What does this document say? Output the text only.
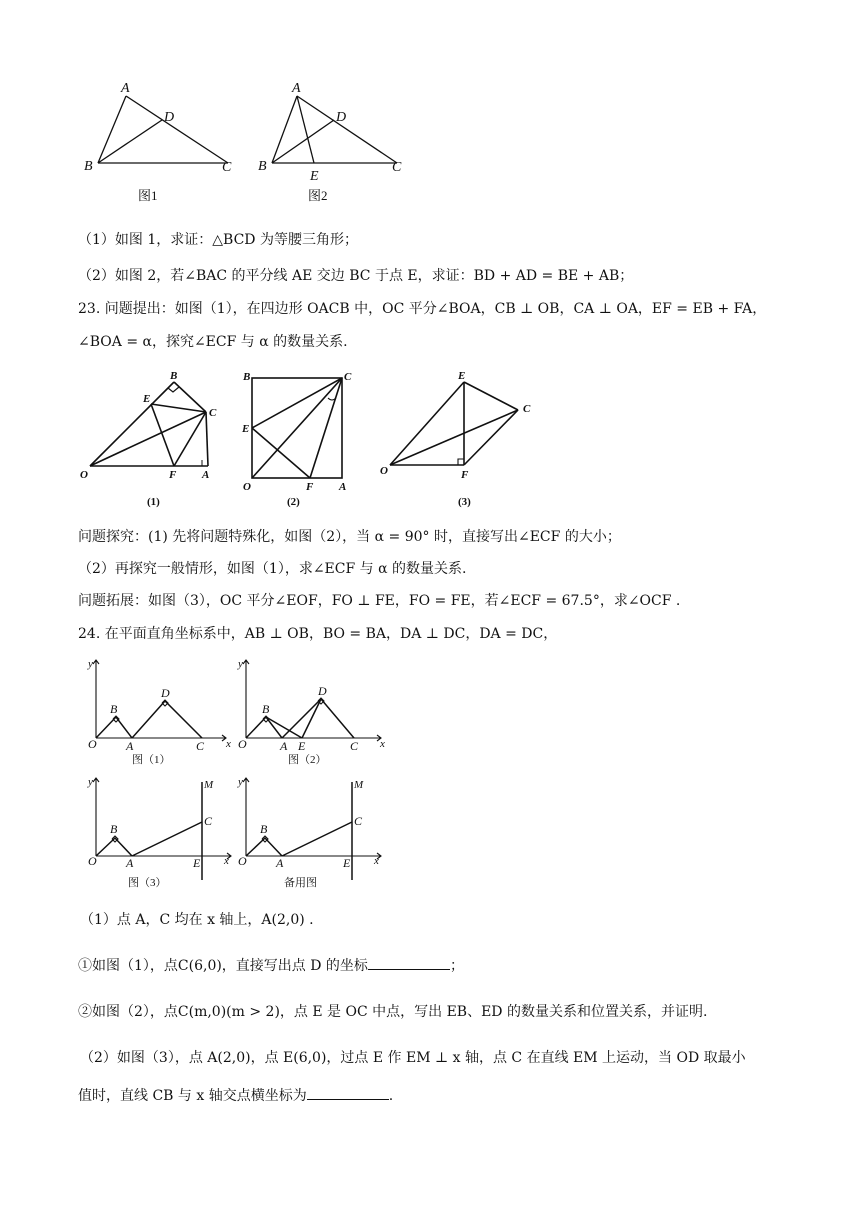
A
D
B	C
图1
A
D
B	C
E
图2
（1）如图 1，求证：△BCD 为等腰三角形；
（2）如图 2，若∠BAC 的平分线 AE 交边 BC 于点 E，求证：BD + AD = BE + AB；
23. 问题提出：如图（1），在四边形 OACB 中，OC 平分∠BOA，CB ⊥ OB，CA ⊥ OA，EF = EB + FA，
∠BOA = α，探究∠ECF 与 α 的数量关系.
E
B
C
O	F A
(1)
B	C
E
O	F A
(2)
E
C
O	F
(3)
问题探究：(1) 先将问题特殊化，如图（2），当 α = 90° 时，直接写出∠ECF 的大小；
（2）再探究一般情形，如图（1），求∠ECF 与 α 的数量关系.
问题拓展：如图（3），OC 平分∠EOF，FO ⊥ FE，FO = FE，若∠ECF = 67.5°，求∠OCF .
24. 在平面直角坐标系中，AB ⊥ OB，BO = BA，DA ⊥ DC，DA = DC，
y
O
B
A
D
C x
图（1）
y
O
B
A E
D
C x
图（2）
y	M
C
B
O A	E x
图（3）
y	M
C
B
O A	E x
备用图
（1）点 A，C 均在 x 轴上，A(2,0) .
①如图（1），点C(6,0)，直接写出点 D 的坐标	；
②如图（2），点C(m,0)(m > 2)，点 E 是 OC 中点，写出 EB、ED 的数量关系和位置关系，并证明.
（2）如图（3），点 A(2,0)，点 E(6,0)，过点 E 作 EM ⊥ x 轴，点 C 在直线 EM 上运动，当 OD 取最小
值时，直线 CB 与 x 轴交点横坐标为	.
